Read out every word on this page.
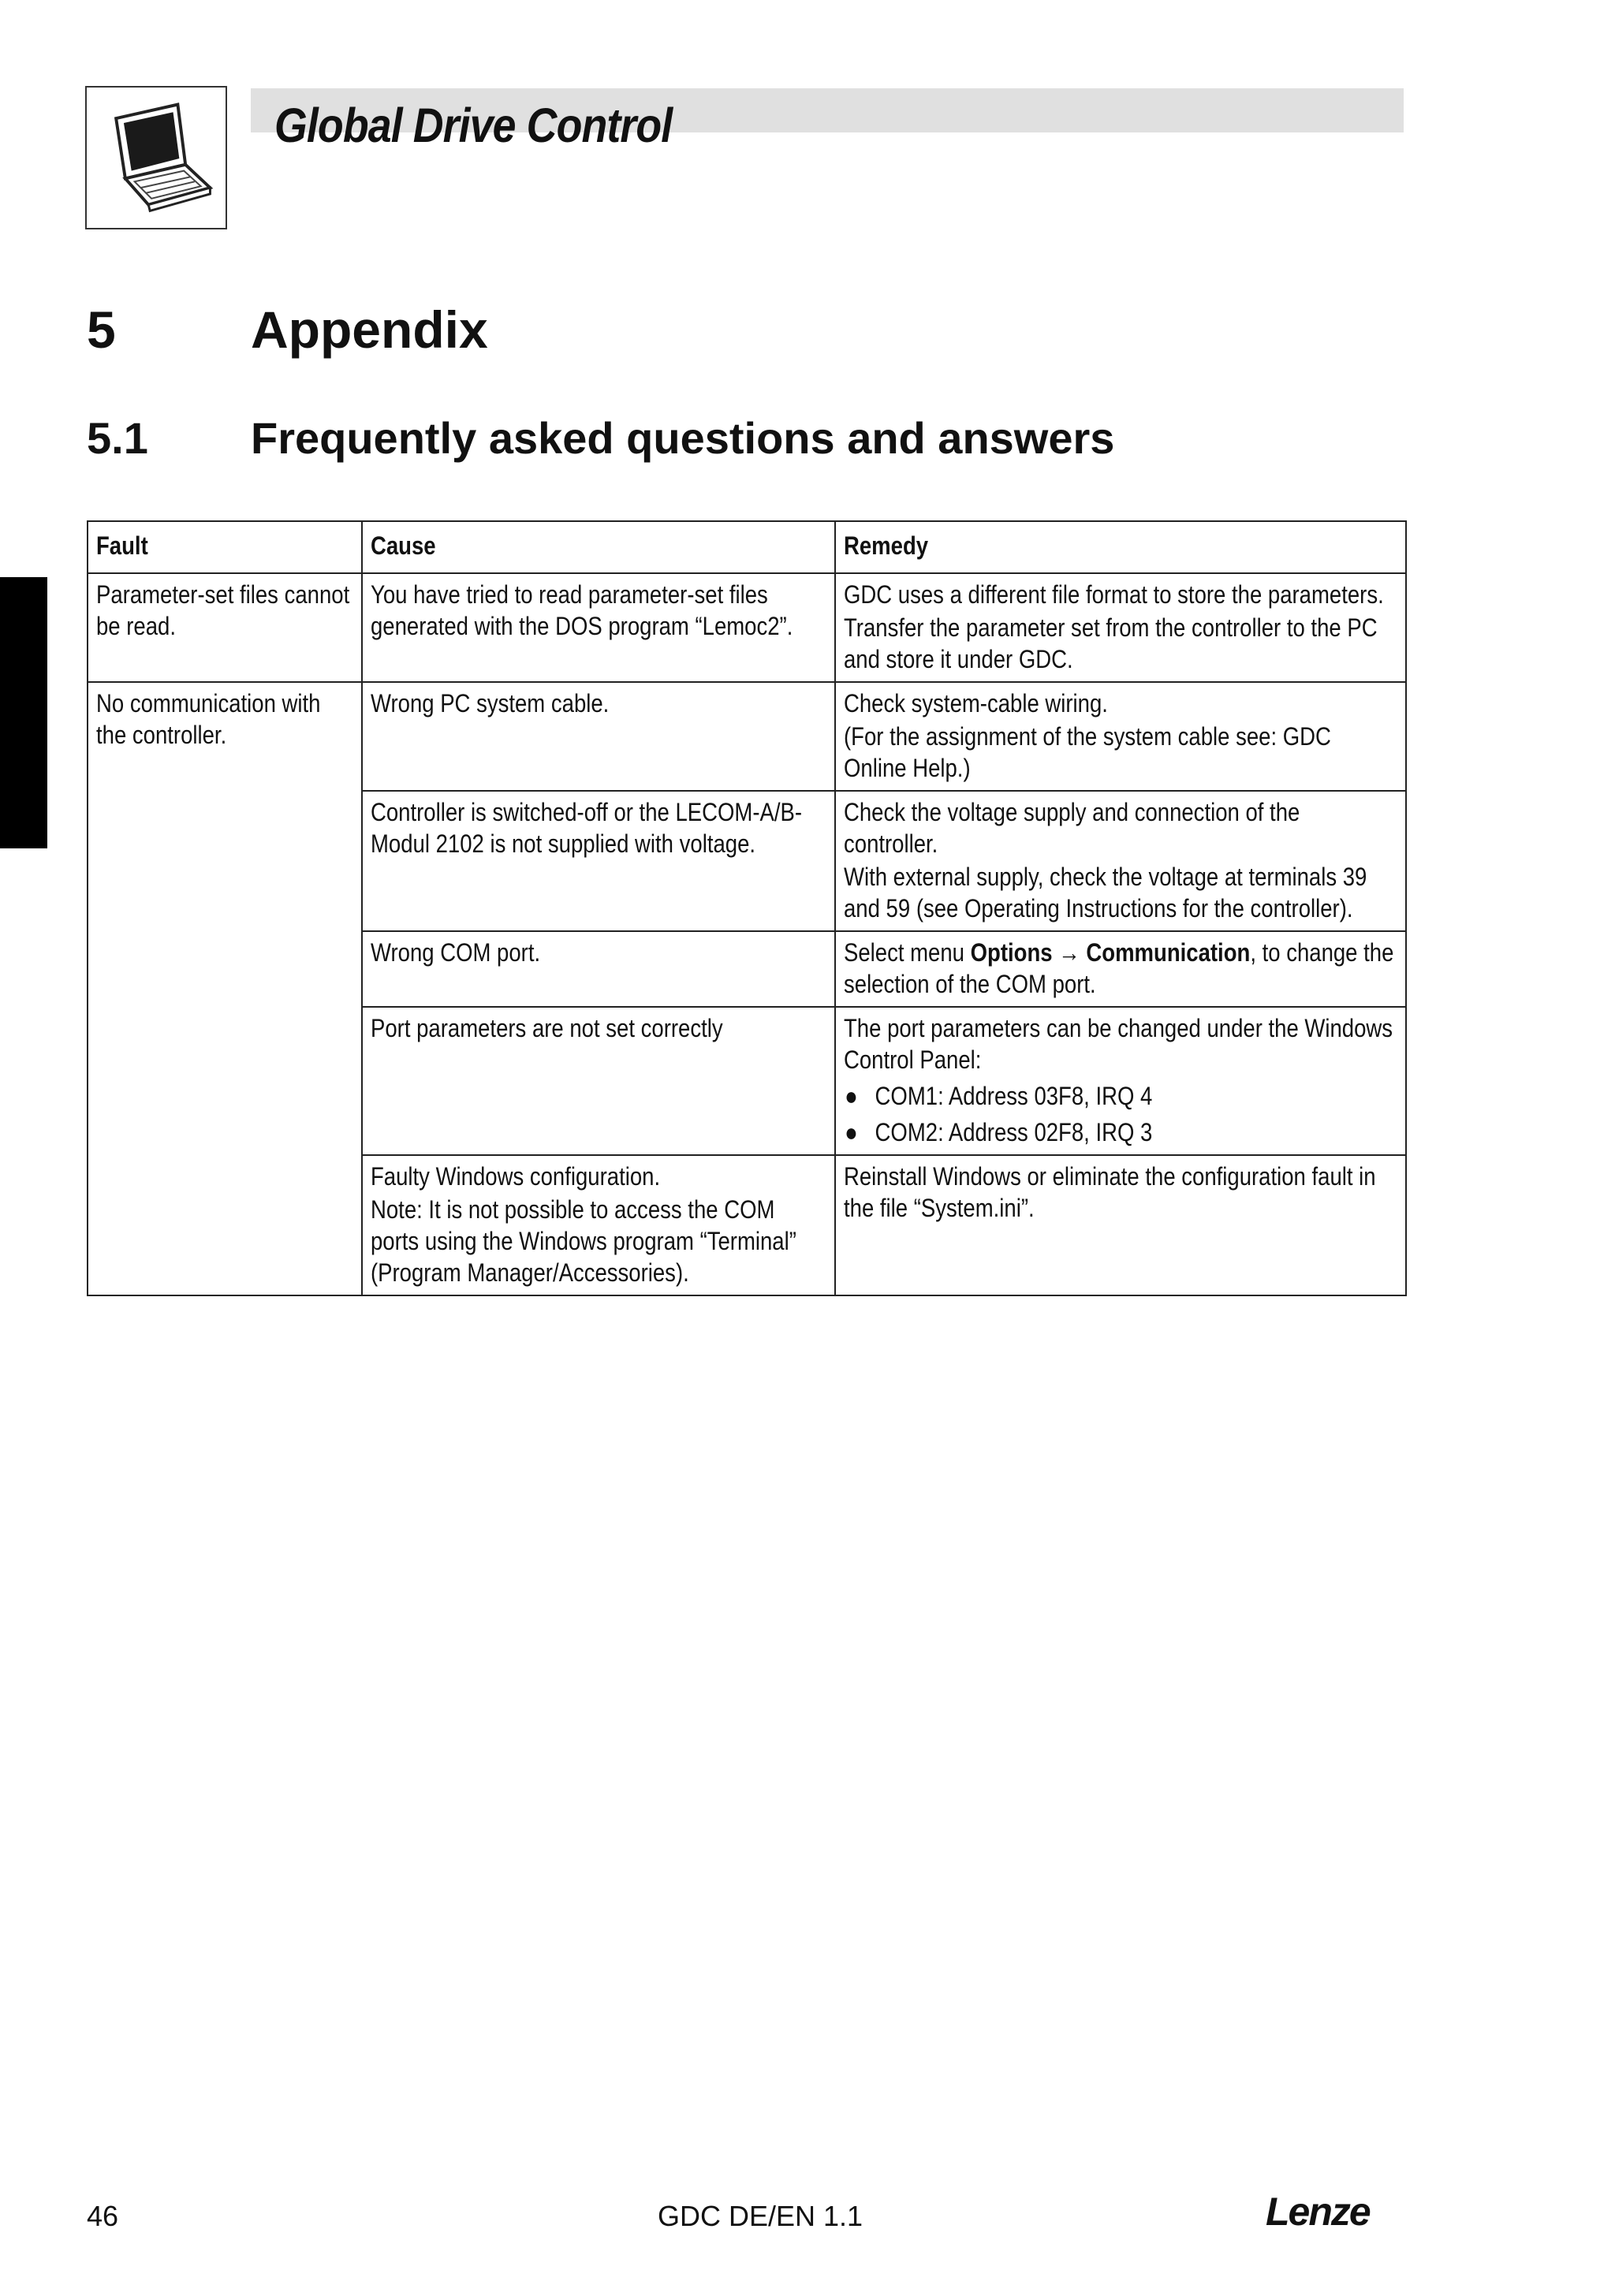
Global Drive Control
5	Appendix
5.1 Frequently asked questions and answers
Fault	Cause	Remedy

Parameter-set files cannot be read.	You have tried to read parameter-set files generated with the DOS program “Lemoc2”.	GDC uses a different file format to store the parameters.
Transfer the parameter set from the controller to the PC and store it under GDC.

No communication with the controller.	Wrong PC system cable.	Check system-cable wiring.
(For the assignment of the system cable see: GDC Online Help.)

	Controller is switched-off or the LECOM-A/B-Modul 2102 is not supplied with voltage.	Check the voltage supply and connection of the controller.
With external supply, check the voltage at terminals 39 and 59 (see Operating Instructions for the controller).

	Wrong COM port.	Select menu Options → Communication, to change the selection of the COM port.

	Port parameters are not set correctly	The port parameters can be changed under the Windows Control Panel:
● COM1: Address 03F8, IRQ 4
● COM2: Address 02F8, IRQ 3

	Faulty Windows configuration.
Note: It is not possible to access the COM ports using the Windows program “Terminal” (Program Manager/Accessories).	Reinstall Windows or eliminate the configuration fault in the file “System.ini”.
46	GDC DE/EN 1.1	Lenze
